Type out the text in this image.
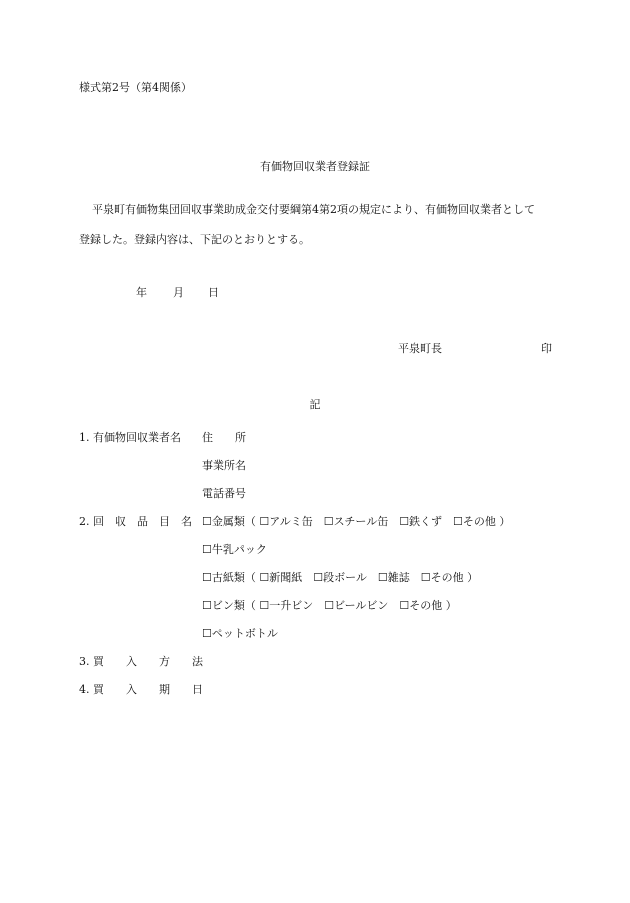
様式第2号（第4関係）
有価物回収業者登録証
平泉町有価物集団回収事業助成金交付要綱第4第2項の規定により、有価物回収業者として
登録した。登録内容は、下記のとおりとする。
年 月 日
平泉町長	印
記
1. 有価物回収業者名 住　　所
事業所名
電話番号
2. 回　収　品　目　名 ☐金属類（ ☐アルミ缶　☐スチール缶　☐鉄くず　☐その他 ）
☐牛乳パック
☐古紙類（ ☐新聞紙　☐段ボール　☐雑誌　☐その他 ）
☐ビン類（ ☐一升ビン　☐ビールビン　☐その他 ）
☐ペットボトル
3. 買　　入　　方　　法
4. 買　　入　　期　　日
